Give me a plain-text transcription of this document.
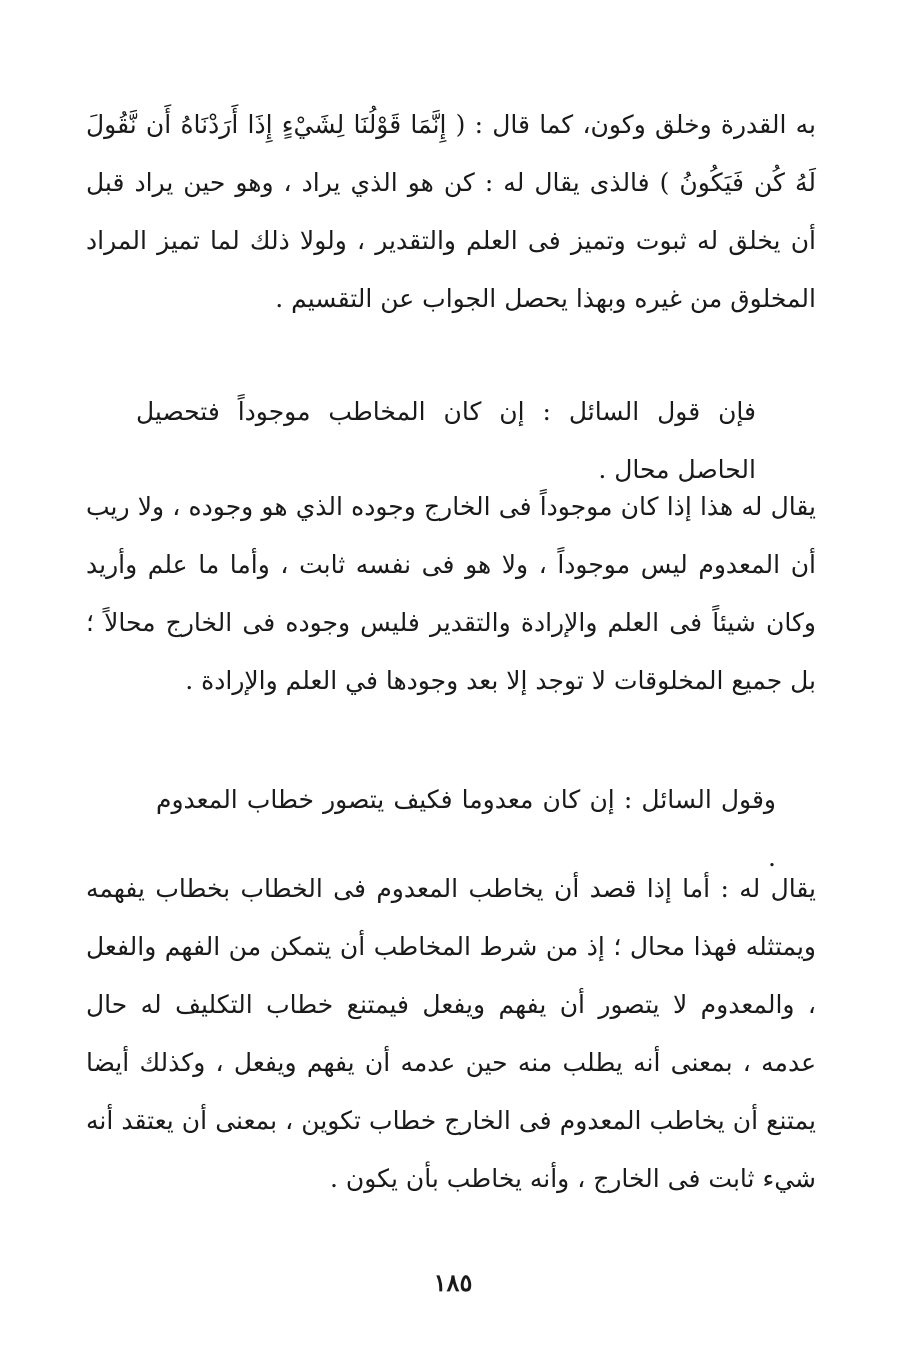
به القدرة وخلق وكون، كما قال : ( إِنَّمَا قَوْلُنَا لِشَيْءٍ إِذَا أَرَدْنَاهُ أَن نَّقُولَ لَهُ كُن فَيَكُونُ ) فالذى يقال له : كن هو الذي يراد ، وهو حين يراد قبل أن يخلق له ثبوت وتميز فى العلم والتقدير ، ولولا ذلك لما تميز المراد المخلوق من غيره وبهذا يحصل الجواب عن التقسيم .

فإن قول السائل : إن كان المخاطب موجوداً فتحصيل الحاصل محال .

يقال له هذا إذا كان موجوداً فى الخارج وجوده الذي هو وجوده ، ولا ريب أن المعدوم ليس موجوداً ، ولا هو فى نفسه ثابت ، وأما ما علم وأريد وكان شيئاً فى العلم والإرادة والتقدير فليس وجوده فى الخارج محالاً ؛ بل جميع المخلوقات لا توجد إلا بعد وجودها في العلم والإرادة .

وقول السائل : إن كان معدوما فكيف يتصور خطاب المعدوم .

يقال له : أما إذا قصد أن يخاطب المعدوم فى الخطاب بخطاب يفهمه ويمتثله فهذا محال ؛ إذ من شرط المخاطب أن يتمكن من الفهم والفعل ، والمعدوم لا يتصور أن يفهم ويفعل فيمتنع خطاب التكليف له حال عدمه ، بمعنى أنه يطلب منه حين عدمه أن يفهم ويفعل ، وكذلك أيضا يمتنع أن يخاطب المعدوم فى الخارج خطاب تكوين ، بمعنى أن يعتقد أنه شيء ثابت فى الخارج ، وأنه يخاطب بأن يكون .

١٨٥
